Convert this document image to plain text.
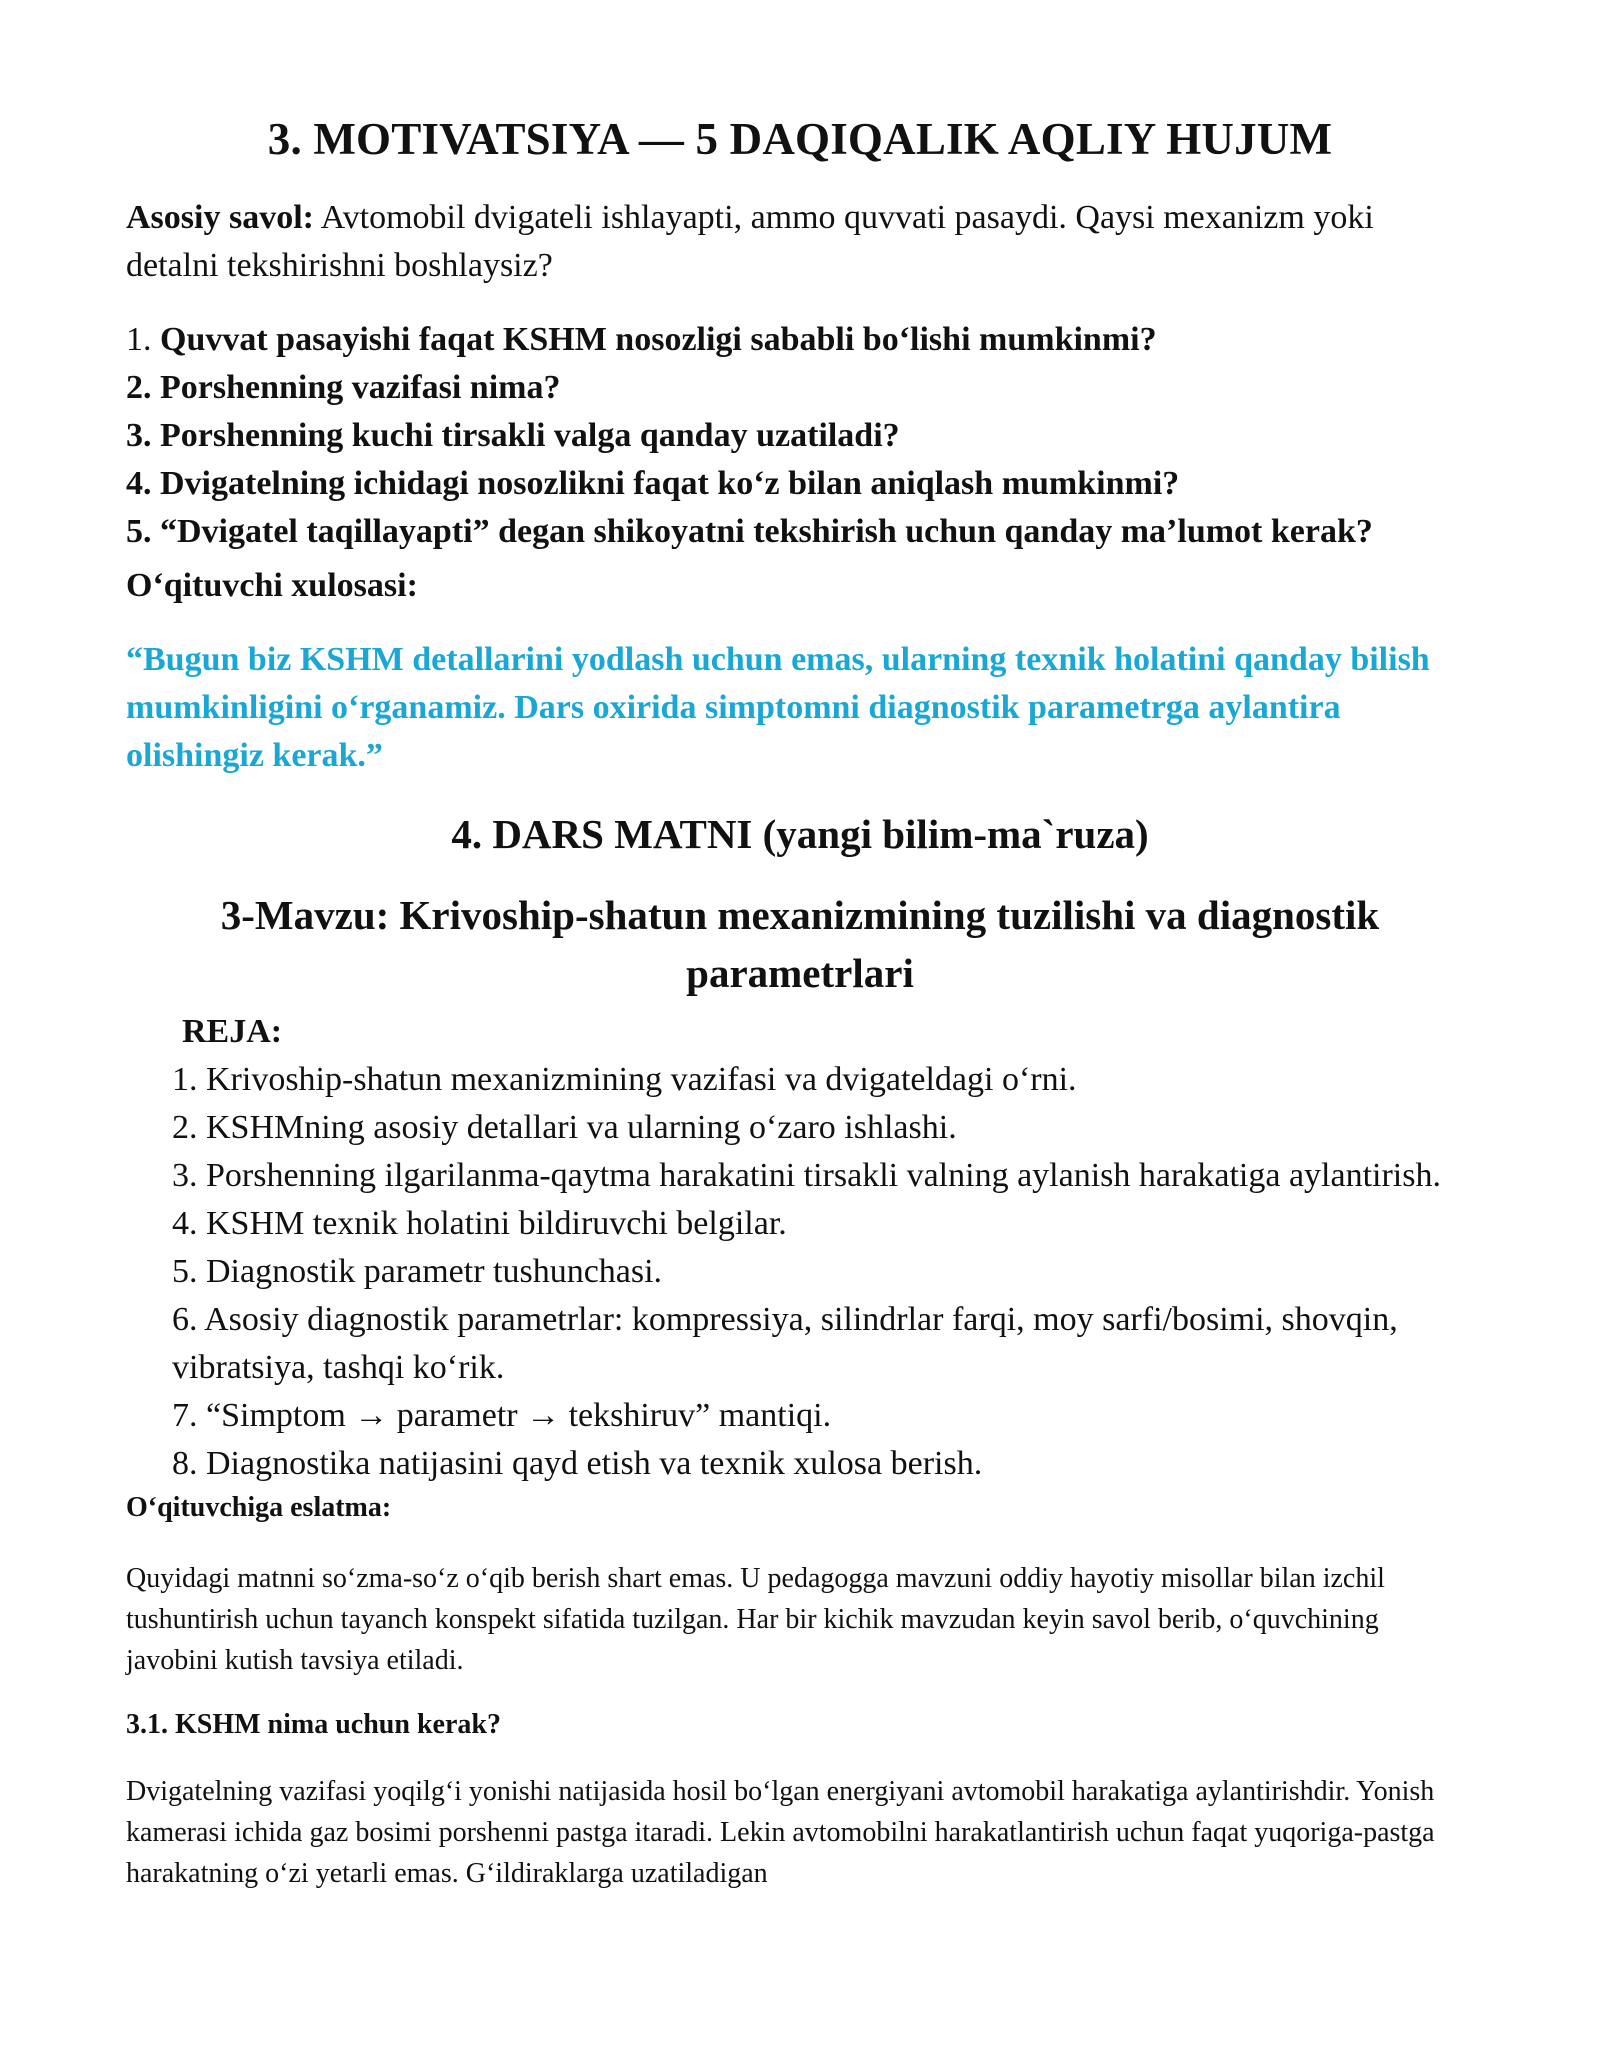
3. MOTIVATSIYA — 5 DAQIQALIK AQLIY HUJUM

Asosiy savol: Avtomobil dvigateli ishlayapti, ammo quvvati pasaydi. Qaysi mexanizm yoki detalni tekshirishni boshlaysiz?

1. Quvvat pasayishi faqat KSHM nosozligi sababli bo‘lishi mumkinmi?
2. Porshenning vazifasi nima?
3. Porshenning kuchi tirsakli valga qanday uzatiladi?
4. Dvigatelning ichidagi nosozlikni faqat ko‘z bilan aniqlash mumkinmi?
5. “Dvigatel taqillayapti” degan shikoyatni tekshirish uchun qanday ma’lumot kerak?
O‘qituvchi xulosasi:
“Bugun biz KSHM detallarini yodlash uchun emas, ularning texnik holatini qanday bilish mumkinligini o‘rganamiz. Dars oxirida simptomni diagnostik parametrga aylantira olishingiz kerak.”
4. DARS MATNI (yangi bilim-ma`ruza)
3-Mavzu: Krivoship-shatun mexanizmining tuzilishi va diagnostik parametrlari
REJA:
1. Krivoship-shatun mexanizmining vazifasi va dvigateldagi o‘rni.
2. KSHMning asosiy detallari va ularning o‘zaro ishlashi.
3. Porshenning ilgarilanma-qaytma harakatini tirsakli valning aylanish harakatiga aylantirish.
4. KSHM texnik holatini bildiruvchi belgilar.
5. Diagnostik parametr tushunchasi.
6. Asosiy diagnostik parametrlar: kompressiya, silindrlar farqi, moy sarfi/bosimi, shovqin, vibratsiya, tashqi ko‘rik.
7. “Simptom → parametr → tekshiruv” mantiqi.
8. Diagnostika natijasini qayd etish va texnik xulosa berish.
O‘qituvchiga eslatma:

Quyidagi matnni so‘zma-so‘z o‘qib berish shart emas. U pedagogga mavzuni oddiy hayotiy misollar bilan izchil tushuntirish uchun tayanch konspekt sifatida tuzilgan. Har bir kichik mavzudan keyin savol berib, o‘quvchining javobini kutish tavsiya etiladi.

3.1. KSHM nima uchun kerak?

Dvigatelning vazifasi yoqilg‘i yonishi natijasida hosil bo‘lgan energiyani avtomobil harakatiga aylantirishdir. Yonish kamerasi ichida gaz bosimi porshenni pastga itaradi. Lekin avtomobilni harakatlantirish uchun faqat yuqoriga-pastga harakatning o‘zi yetarli emas. G‘ildiraklarga uzatiladigan
